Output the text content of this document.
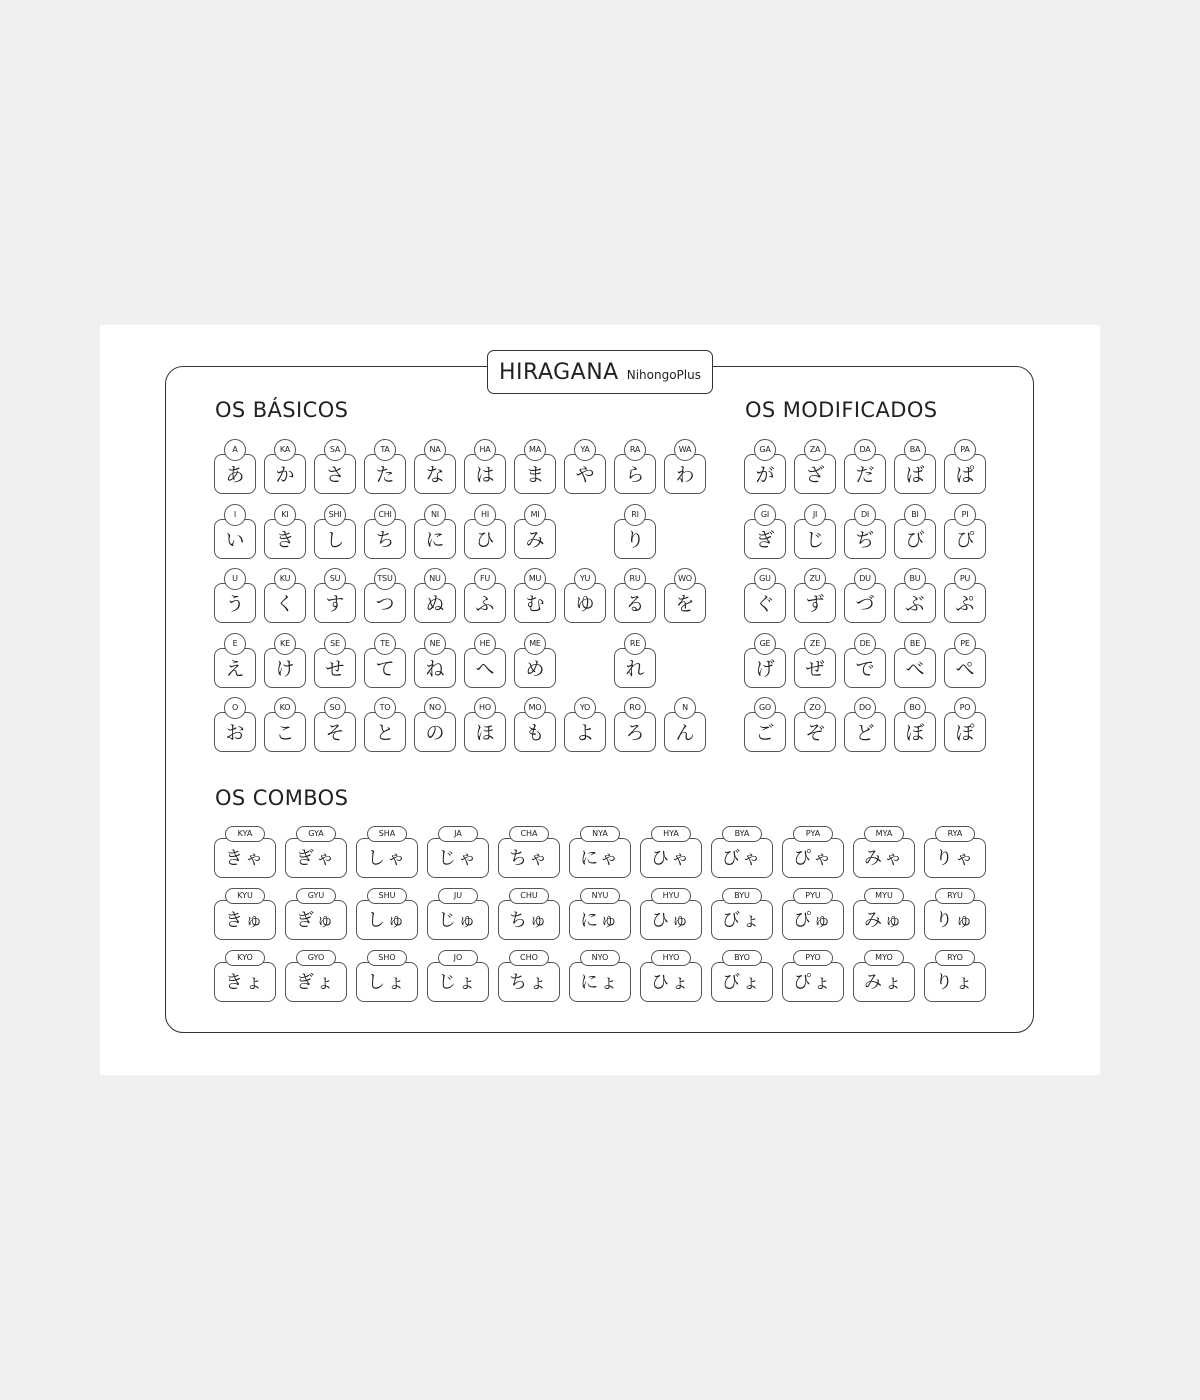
HIRAGANA NihongoPlus
OS BÁSICOS	OS MODIFICADOS
OS COMBOS
あ
A
か
KA
さ
SA
た
TA
な
NA
は
HA
ま
MA
や
YA
ら
RA
わ
WA
い
I
き
KI
し
SHI
ち
CHI
に
NI
ひ
HI
み
MI
り
RI
う
U
く
KU
す
SU
つ
TSU
ぬ
NU
ふ
FU
む
MU
ゆ
YU
る
RU
を
WO
え
E
け
KE
せ
SE
て
TE
ね
NE
へ
HE
め
ME
れ
RE
お
O
こ
KO
そ
SO
と
TO
の
NO
ほ
HO
も
MO
よ
YO
ろ
RO
ん
N
が
GA
ざ
ZA
だ
DA
ば
BA
ぱ
PA
ぎ
GI
じ
JI
ぢ
DI
び
BI
ぴ
PI
ぐ
GU
ず
ZU
づ
DU
ぶ
BU
ぷ
PU
げ
GE
ぜ
ZE
で
DE
べ
BE
ぺ
PE
ご
GO
ぞ
ZO
ど
DO
ぼ
BO
ぽ
PO
きゃ
KYA
ぎゃ
GYA
しゃ
SHA
じゃ
JA
ちゃ
CHA
にゃ
NYA
ひゃ
HYA
びゃ
BYA
ぴゃ
PYA
みゃ
MYA
りゃ
RYA
きゅ
KYU
ぎゅ
GYU
しゅ
SHU
じゅ
JU
ちゅ
CHU
にゅ
NYU
ひゅ
HYU
びょ
BYU
ぴゅ
PYU
みゅ
MYU
りゅ
RYU
きょ
KYO
ぎょ
GYO
しょ
SHO
じょ
JO
ちょ
CHO
にょ
NYO
ひょ
HYO
びょ
BYO
ぴょ
PYO
みょ
MYO
りょ
RYO
